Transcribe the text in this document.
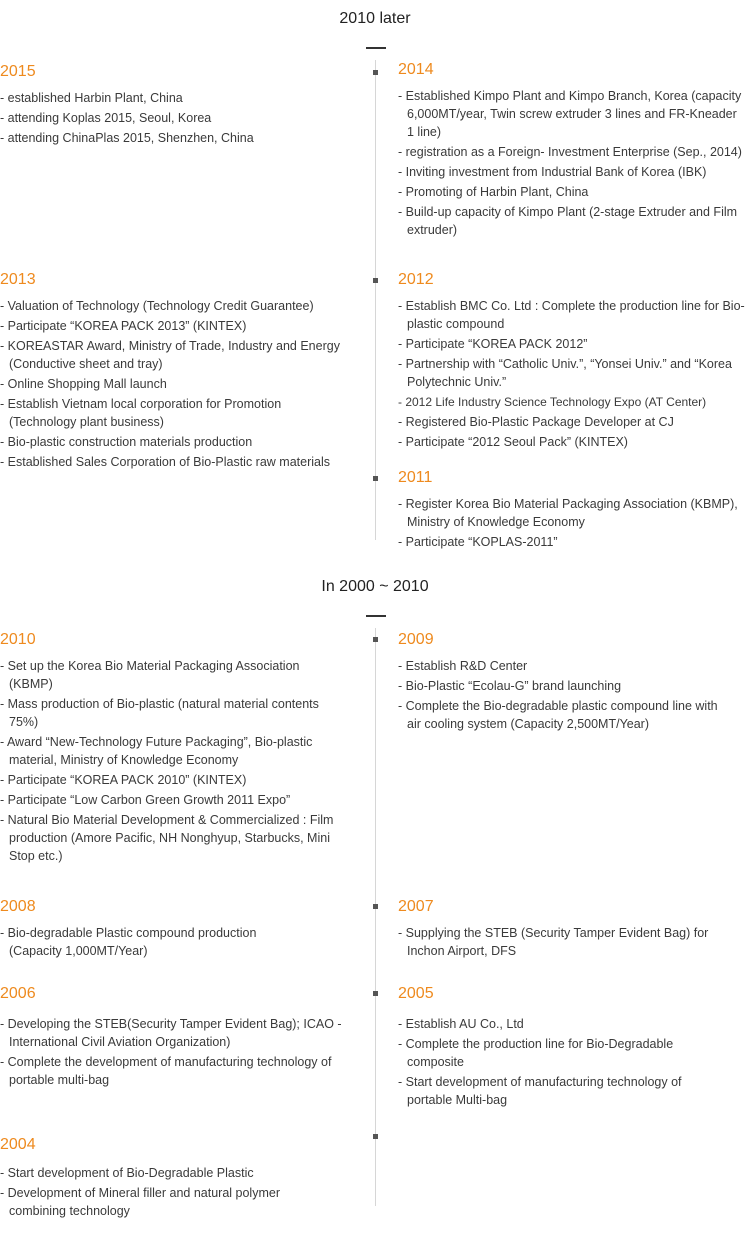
2010 later
2015
- established Harbin Plant, China
- attending Koplas 2015, Seoul, Korea
- attending ChinaPlas 2015, Shenzhen, China
2014
- Established Kimpo Plant and Kimpo Branch, Korea (capacity 6,000MT/year, Twin screw extruder 3 lines and FR-Kneader 1 line)
- registration as a Foreign- Investment Enterprise (Sep., 2014)
- Inviting investment from Industrial Bank of Korea (IBK)
- Promoting of Harbin Plant, China
- Build-up capacity of Kimpo Plant (2-stage Extruder and Film extruder)
2013
- Valuation of Technology (Technology Credit Guarantee)
- Participate “KOREA PACK 2013” (KINTEX)
- KOREASTAR Award, Ministry of Trade, Industry and Energy (Conductive sheet and tray)
- Online Shopping Mall launch
- Establish Vietnam local corporation for Promotion (Technology plant business)
- Bio-plastic construction materials production
- Established Sales Corporation of Bio-Plastic raw materials
2012
- Establish BMC Co. Ltd : Complete the production line for Bio-plastic compound
- Participate “KOREA PACK 2012”
- Partnership with “Catholic Univ.”, “Yonsei Univ.” and “Korea Polytechnic Univ.”
- 2012 Life Industry Science Technology Expo (AT Center)
- Registered Bio-Plastic Package Developer at CJ
- Participate “2012 Seoul Pack” (KINTEX)
2011
- Register Korea Bio Material Packaging Association (KBMP), Ministry of Knowledge Economy
- Participate “KOPLAS-2011”
In 2000 ~ 2010
2010
- Set up the Korea Bio Material Packaging Association (KBMP)
- Mass production of Bio-plastic (natural material contents 75%)
- Award “New-Technology Future Packaging”, Bio-plastic material, Ministry of Knowledge Economy
- Participate “KOREA PACK 2010” (KINTEX)
- Participate “Low Carbon Green Growth 2011 Expo”
- Natural Bio Material Development & Commercialized : Film production (Amore Pacific, NH Nonghyup, Starbucks, Mini Stop etc.)
2009
- Establish R&D Center
- Bio-Plastic “Ecolau-G” brand launching
- Complete the Bio-degradable plastic compound line with air cooling system (Capacity 2,500MT/Year)
2008
- Bio-degradable Plastic compound production (Capacity 1,000MT/Year)
2007
- Supplying the STEB (Security Tamper Evident Bag) for Inchon Airport, DFS
2006
- Developing the STEB(Security Tamper Evident Bag); ICAO - International Civil Aviation Organization)
- Complete the development of manufacturing technology of portable multi-bag
2005
- Establish AU Co., Ltd
- Complete the production line for Bio-Degradable composite
- Start development of manufacturing technology of portable Multi-bag
2004
- Start development of Bio-Degradable Plastic
- Development of Mineral filler and natural polymer combining technology
